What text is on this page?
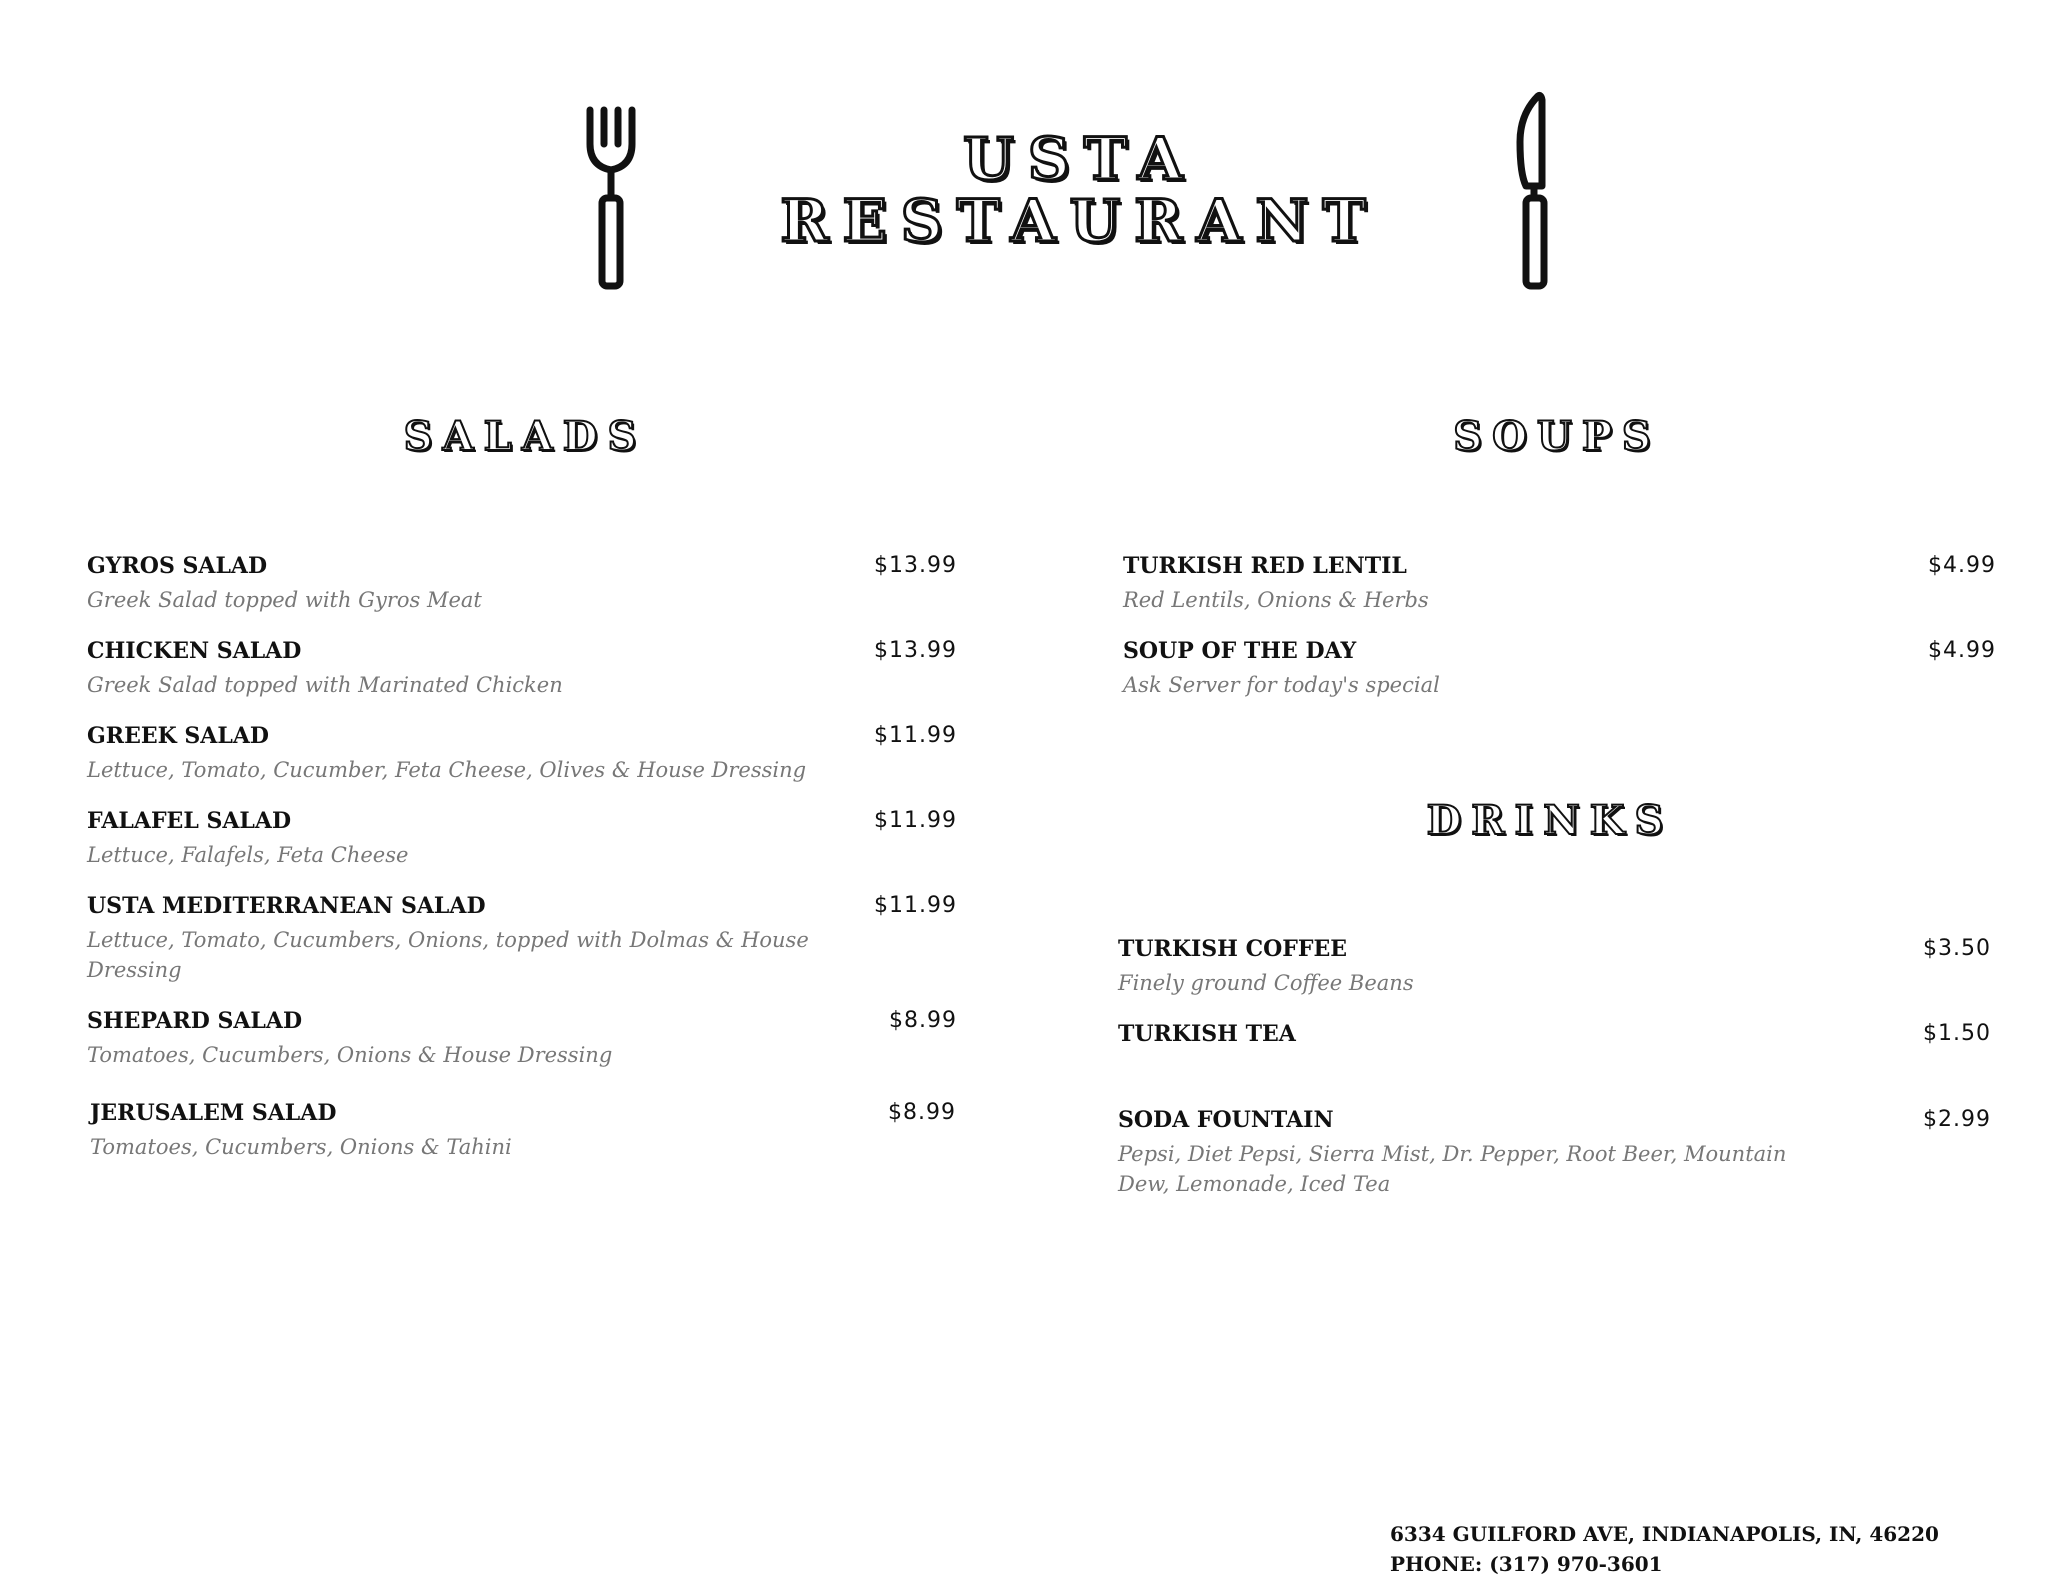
USTA
RESTAURANT
SALADS	SOUPS
DRINKS
GYROS SALAD
Greek Salad topped with Gyros Meat
$13.99
CHICKEN SALAD
Greek Salad topped with Marinated Chicken
$13.99
GREEK SALAD
Lettuce, Tomato, Cucumber, Feta Cheese, Olives & House Dressing
$11.99
FALAFEL SALAD
Lettuce, Falafels, Feta Cheese
$11.99
USTA MEDITERRANEAN SALAD
Lettuce, Tomato, Cucumbers, Onions, topped with Dolmas & House Dressing
$11.99
SHEPARD SALAD
Tomatoes, Cucumbers, Onions & House Dressing
$8.99
JERUSALEM SALAD
Tomatoes, Cucumbers, Onions & Tahini
$8.99
TURKISH RED LENTIL
Red Lentils, Onions & Herbs
$4.99
SOUP OF THE DAY
Ask Server for today's special
$4.99
TURKISH COFFEE
Finely ground Coffee Beans
$3.50
TURKISH TEA	$1.50
SODA FOUNTAIN
Pepsi, Diet Pepsi, Sierra Mist, Dr. Pepper, Root Beer, Mountain Dew, Lemonade, Iced Tea
$2.99
6334 GUILFORD AVE, INDIANAPOLIS, IN, 46220
PHONE: (317) 970-3601
